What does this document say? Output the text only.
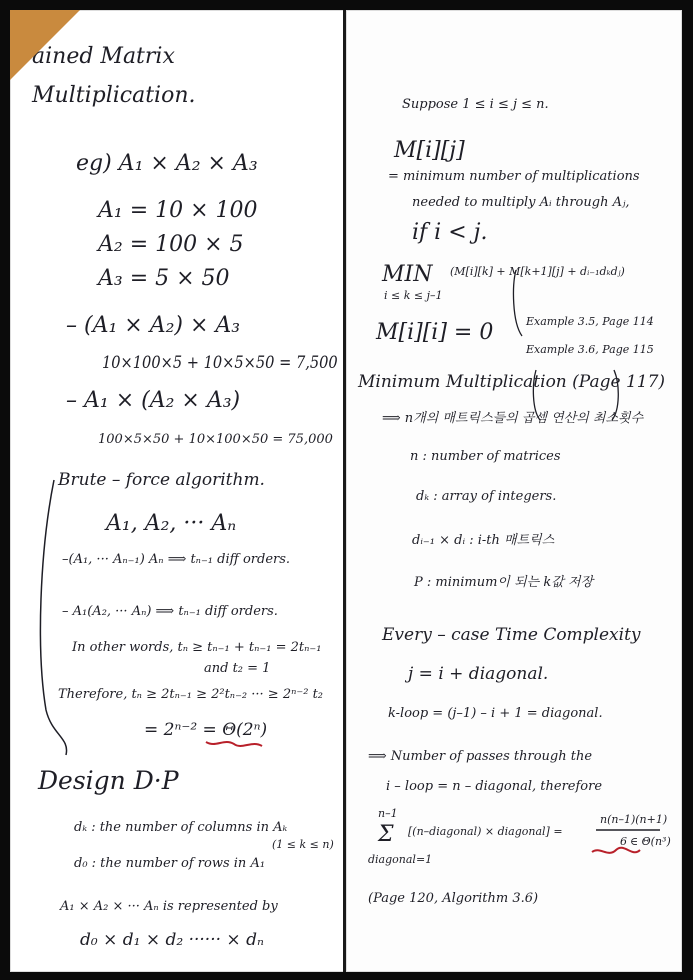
ained Matrix
Multiplication.
eg) A₁ × A₂ × A₃
A₁ = 10 × 100
A₂ = 100 × 5
A₃ = 5 × 50
– (A₁ × A₂) × A₃
10×100×5 + 10×5×50 = 7,500
– A₁ × (A₂ × A₃)
100×5×50 + 10×100×50 = 75,000
Brute – force algorithm.
A₁, A₂, ··· Aₙ
–(A₁, ··· Aₙ₋₁) Aₙ ⟹ tₙ₋₁ diff orders.
– A₁(A₂, ··· Aₙ) ⟹ tₙ₋₁ diff orders.
In other words, tₙ ≥ tₙ₋₁ + tₙ₋₁ = 2tₙ₋₁
and t₂ = 1
Therefore, tₙ ≥ 2tₙ₋₁ ≥ 2²tₙ₋₂ ··· ≥ 2ⁿ⁻² t₂
= 2ⁿ⁻² = Θ(2ⁿ)
Design D·P
dₖ : the number of columns in Aₖ
(1 ≤ k ≤ n)
d₀ : the number of rows in A₁
A₁ × A₂ × ··· Aₙ is represented by
d₀ × d₁ × d₂ ······ × dₙ
Suppose 1 ≤ i ≤ j ≤ n.
M[i][j]
= minimum number of multiplications
needed to multiply Aᵢ through Aⱼ,
if i < j.
MIN
i ≤ k ≤ j–1
(M[i][k] + M[k+1][j] + dᵢ₋₁dₖdⱼ)
M[i][i] = 0	Example 3.5, Page 114
Example 3.6, Page 115
Minimum Multiplication (Page 117)
⟹ n개의 매트릭스들의 곱셈 연산의 최소횟수
n : number of matrices
dₖ : array of integers.
dᵢ₋₁ × dᵢ : i-th 매트릭스
P : minimum이 되는 k값 저장
Every – case Time Complexity
j = i + diagonal.
k-loop = (j–1) – i + 1 = diagonal.
⟹ Number of passes through the
i – loop = n – diagonal, therefore
n–1
Σ
diagonal=1
[(n–diagonal) × diagonal] =
n(n–1)(n+1)
6 ∈ Θ(n³)
(Page 120, Algorithm 3.6)
